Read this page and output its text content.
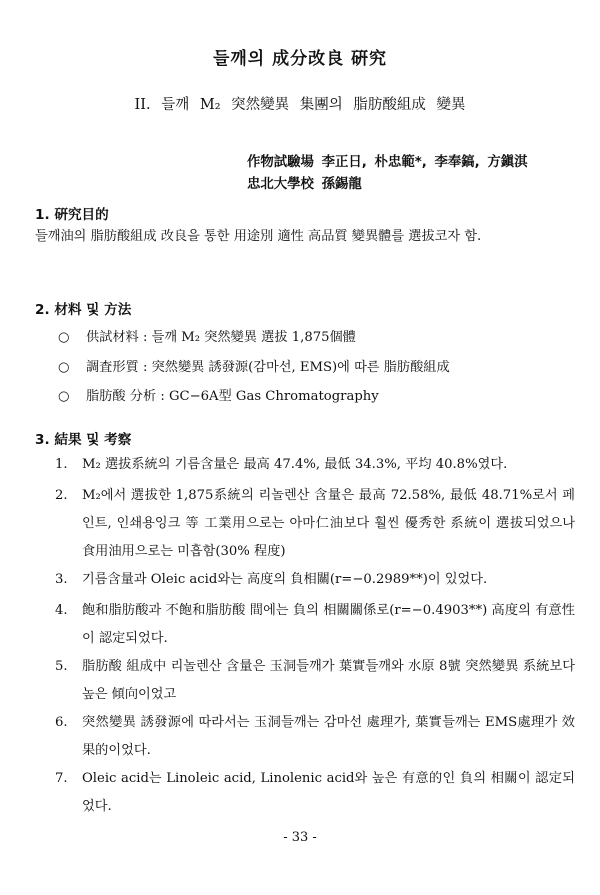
들깨의 成分改良 硏究
II. 들깨 M₂ 突然變異 集團의 脂肪酸組成 變異
作物試驗場 李正日, 朴忠範*, 李奉鎬, 方鎭淇
忠北大學校 孫錫龍
1. 硏究目的
들깨油의 脂肪酸組成 改良을 통한 用途別 適性 高品質 變異體를 選拔코자 함.
2. 材料 및 方法
○ 供試材料 : 들깨 M₂ 突然變異 選拔 1,875個體
○ 調査形質 : 突然變異 誘發源(감마선, EMS)에 따른 脂肪酸組成
○ 脂肪酸 分析 : GC−6A型 Gas Chromatography
3. 結果 및 考察
1. M₂ 選拔系統의 기름含量은 最高 47.4%, 最低 34.3%, 平均 40.8%였다.
2. M₂에서 選拔한 1,875系統의 리놀렌산 含量은 最高 72.58%, 最低 48.71%로서 페인트, 인쇄용잉크 等 工業用으로는 아마仁油보다 훨씬 優秀한 系統이 選拔되었으나 食用油用으로는 미흡함(30% 程度)
3. 기름含量과 Oleic acid와는 高度의 負相關(r=−0.2989**)이 있었다.
4. 飽和脂肪酸과 不飽和脂肪酸 間에는 負의 相關關係로(r=−0.4903**) 高度의 有意性이 認定되었다.
5. 脂肪酸 組成中 리놀렌산 含量은 玉洞들깨가 葉實들깨와 水原 8號 突然變異 系統보다 높은 傾向이었고
6. 突然變異 誘發源에 따라서는 玉洞들깨는 감마선 處理가, 葉實들깨는 EMS處理가 效果的이었다.
7. Oleic acid는 Linoleic acid, Linolenic acid와 높은 有意的인 負의 相關이 認定되었다.
- 33 -
